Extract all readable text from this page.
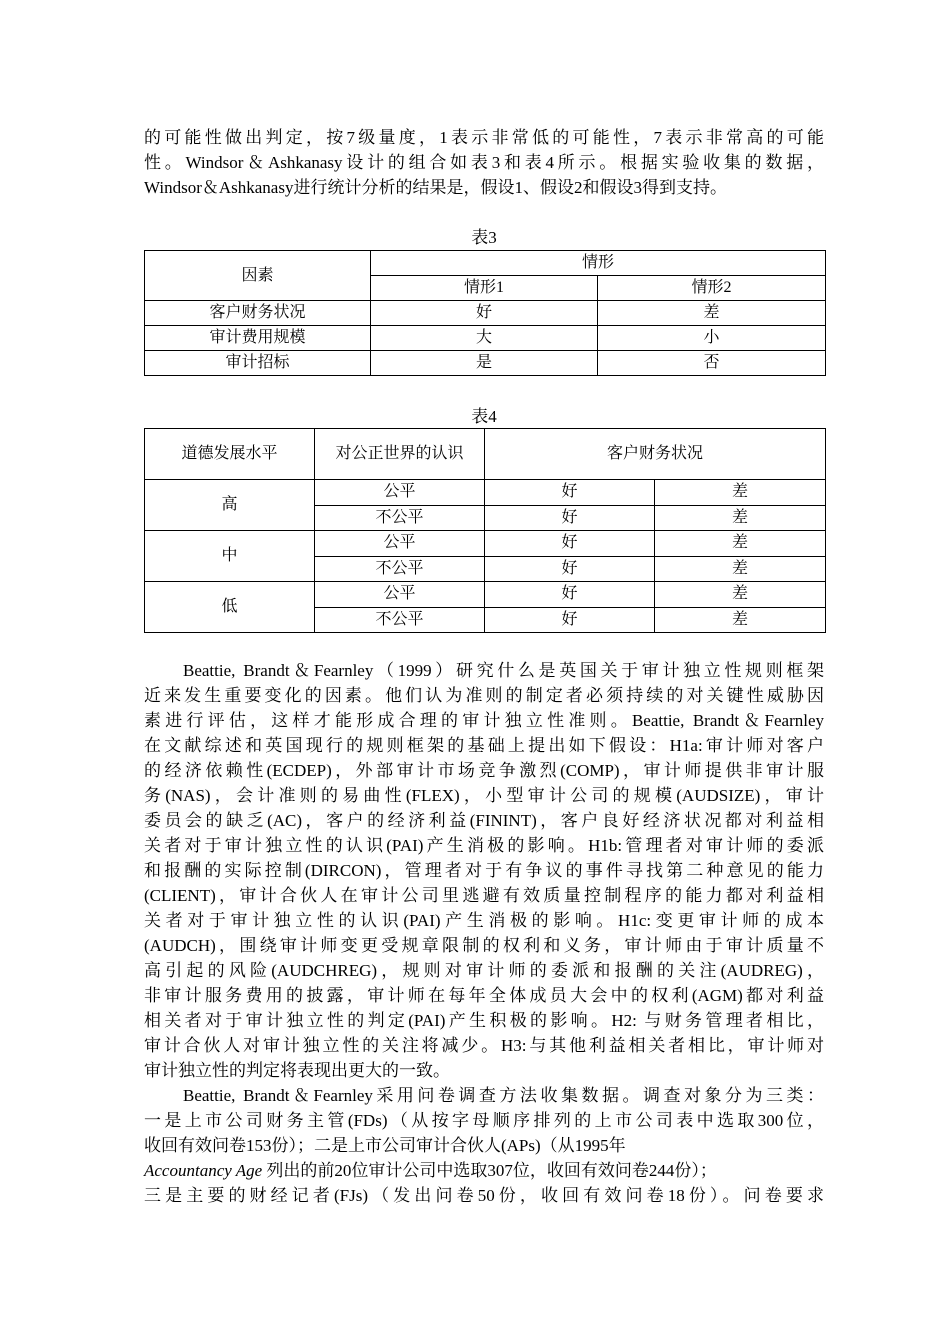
的可能性做出判定，按7级量度，1表示非常低的可能性，7表示非常高的可能
性。Windsor＆Ashkanasy设计的组合如表3和表4所示。根据实验收集的数据，
Windsor＆Ashkanasy进行统计分析的结果是，假设1、假设2和假设3得到支持。
表3
因素	情形	
	情形1	情形2
客户财务状况	好	差
审计费用规模	大	小
审计招标	是	否
表4
道德发展水平	对公正世界的认识	客户财务状况	
高	公平	好	差
	不公平	好	差
中	公平	好	差
	不公平	好	差
低	公平	好	差
	不公平	好	差
Beattie, Brandt＆Fearnley（1999）研究什么是英国关于审计独立性规则框架
近来发生重要变化的因素。他们认为准则的制定者必须持续的对关键性威胁因
素进行评估，这样才能形成合理的审计独立性准则。Beattie, Brandt＆Fearnley
在文献综述和英国现行的规则框架的基础上提出如下假设：H1a:审计师对客户
的经济依赖性(ECDEP)，外部审计市场竞争激烈(COMP)，审计师提供非审计服
务(NAS)，会计准则的易曲性(FLEX)，小型审计公司的规模(AUDSIZE)，审计
委员会的缺乏(AC)，客户的经济利益(FININT)，客户良好经济状况都对利益相
关者对于审计独立性的认识(PAI)产生消极的影响。H1b:管理者对审计师的委派
和报酬的实际控制(DIRCON)，管理者对于有争议的事件寻找第二种意见的能力
(CLIENT)，审计合伙人在审计公司里逃避有效质量控制程序的能力都对利益相
关者对于审计独立性的认识(PAI)产生消极的影响。H1c:变更审计师的成本
(AUDCH)，围绕审计师变更受规章限制的权利和义务，审计师由于审计质量不
高引起的风险(AUDCHREG)，规则对审计师的委派和报酬的关注(AUDREG)，
非审计服务费用的披露，审计师在每年全体成员大会中的权利(AGM)都对利益
相关者对于审计独立性的判定(PAI)产生积极的影响。H2: 与财务管理者相比，
审计合伙人对审计独立性的关注将减少。H3:与其他利益相关者相比，审计师对
审计独立性的判定将表现出更大的一致。
Beattie, Brandt＆Fearnley采用问卷调查方法收集数据。调查对象分为三类：
一是上市公司财务主管(FDs)（从按字母顺序排列的上市公司表中选取300位，
收回有效问卷153份）；二是上市公司审计合伙人(APs)（从1995年
Accountancy Age 列出的前20位审计公司中选取307位，收回有效问卷244份）；
三是主要的财经记者(FJs)（发出问卷50份，收回有效问卷18份）。问卷要求
